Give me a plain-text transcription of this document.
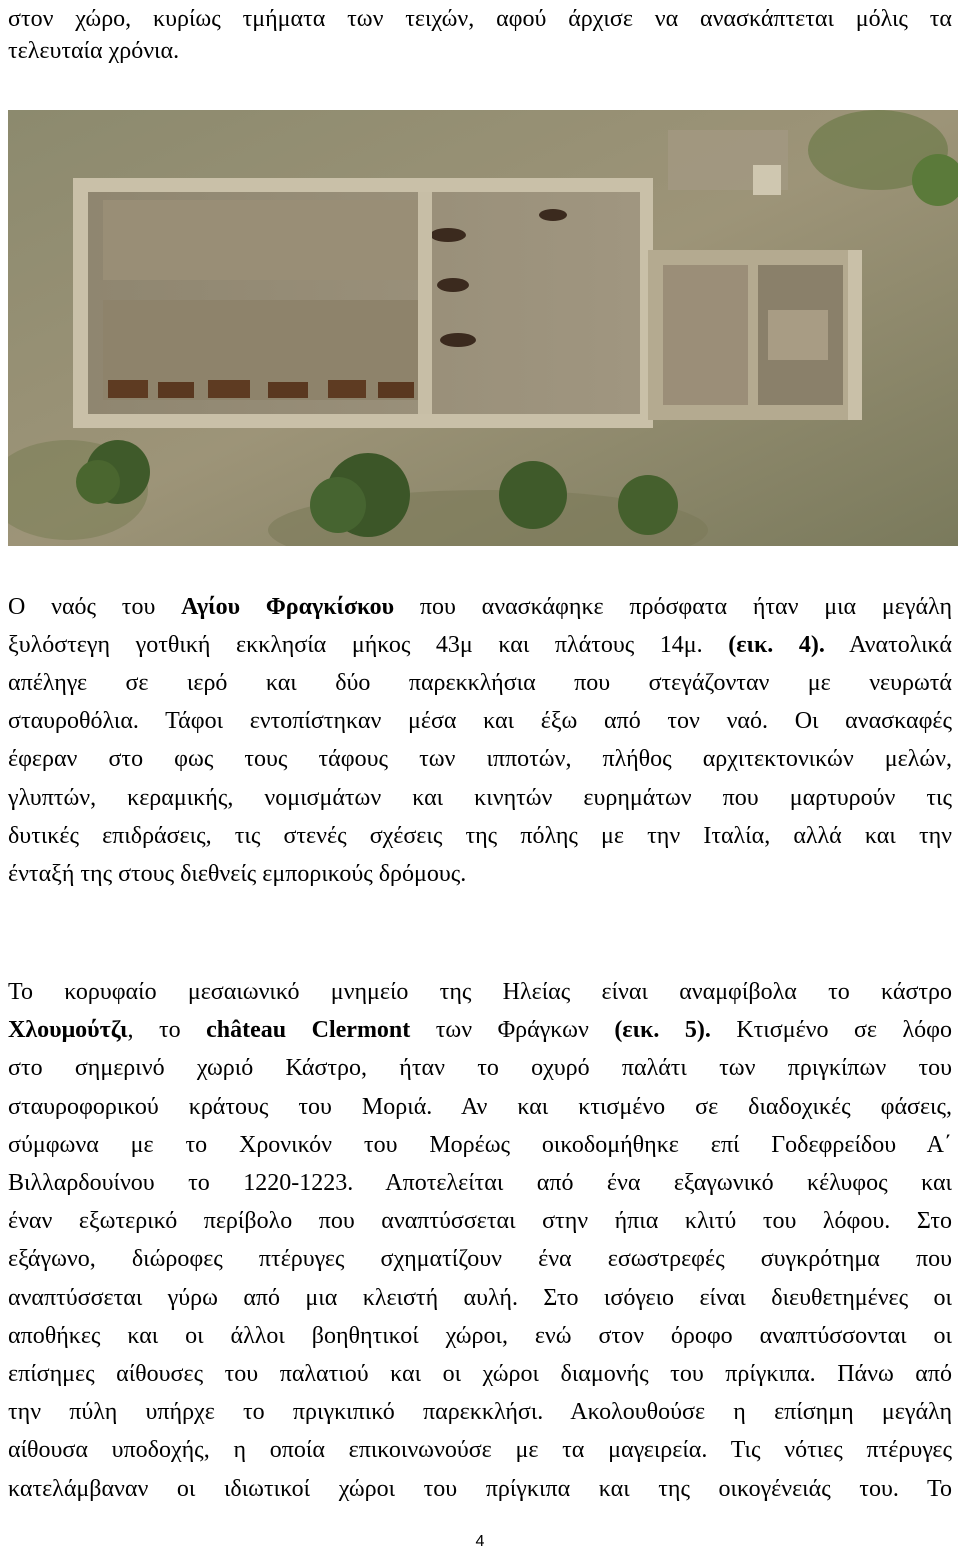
στον χώρο, κυρίως τμήματα των τειχών, αφού άρχισε να ανασκάπτεται μόλις τα
τελευταία χρόνια.
Ο ναός του Αγίου Φραγκίσκου που ανασκάφηκε πρόσφατα ήταν μια μεγάλη
ξυλόστεγη γοτθική εκκλησία μήκος 43μ και πλάτους 14μ. (εικ. 4). Ανατολικά
απέληγε σε ιερό και δύο παρεκκλήσια που στεγάζονταν με νευρωτά
σταυροθόλια. Τάφοι εντοπίστηκαν μέσα και έξω από τον ναό. Οι ανασκαφές
έφεραν στο φως τους τάφους των ιπποτών, πλήθος αρχιτεκτονικών μελών,
γλυπτών, κεραμικής, νομισμάτων και κινητών ευρημάτων που μαρτυρούν τις
δυτικές επιδράσεις, τις στενές σχέσεις της πόλης με την Ιταλία, αλλά και την
ένταξή της στους διεθνείς εμπορικούς δρόμους.
Το κορυφαίο μεσαιωνικό μνημείο της Ηλείας είναι αναμφίβολα το κάστρο
Χλουμούτζι, το château Clermont των Φράγκων (εικ. 5). Κτισμένο σε λόφο
στο σημερινό χωριό Κάστρο, ήταν το οχυρό παλάτι των πριγκίπων του
σταυροφορικού κράτους του Μοριά. Αν και κτισμένο σε διαδοχικές φάσεις,
σύμφωνα με το Χρονικόν του Μορέως οικοδομήθηκε επί Γοδεφρείδου Α΄
Βιλλαρδουίνου το 1220-1223. Αποτελείται από ένα εξαγωνικό κέλυφος και
έναν εξωτερικό περίβολο που αναπτύσσεται στην ήπια κλιτύ του λόφου. Στο
εξάγωνο, διώροφες πτέρυγες σχηματίζουν ένα εσωστρεφές συγκρότημα που
αναπτύσσεται γύρω από μια κλειστή αυλή. Στο ισόγειο είναι διευθετημένες οι
αποθήκες και οι άλλοι βοηθητικοί χώροι, ενώ στον όροφο αναπτύσσονται οι
επίσημες αίθουσες του παλατιού και οι χώροι διαμονής του πρίγκιπα. Πάνω από
την πύλη υπήρχε το πριγκιπικό παρεκκλήσι. Ακολουθούσε η επίσημη μεγάλη
αίθουσα υποδοχής, η οποία επικοινωνούσε με τα μαγειρεία. Τις νότιες πτέρυγες
κατελάμβαναν οι ιδιωτικοί χώροι του πρίγκιπα και της οικογένειάς του. Το
4
